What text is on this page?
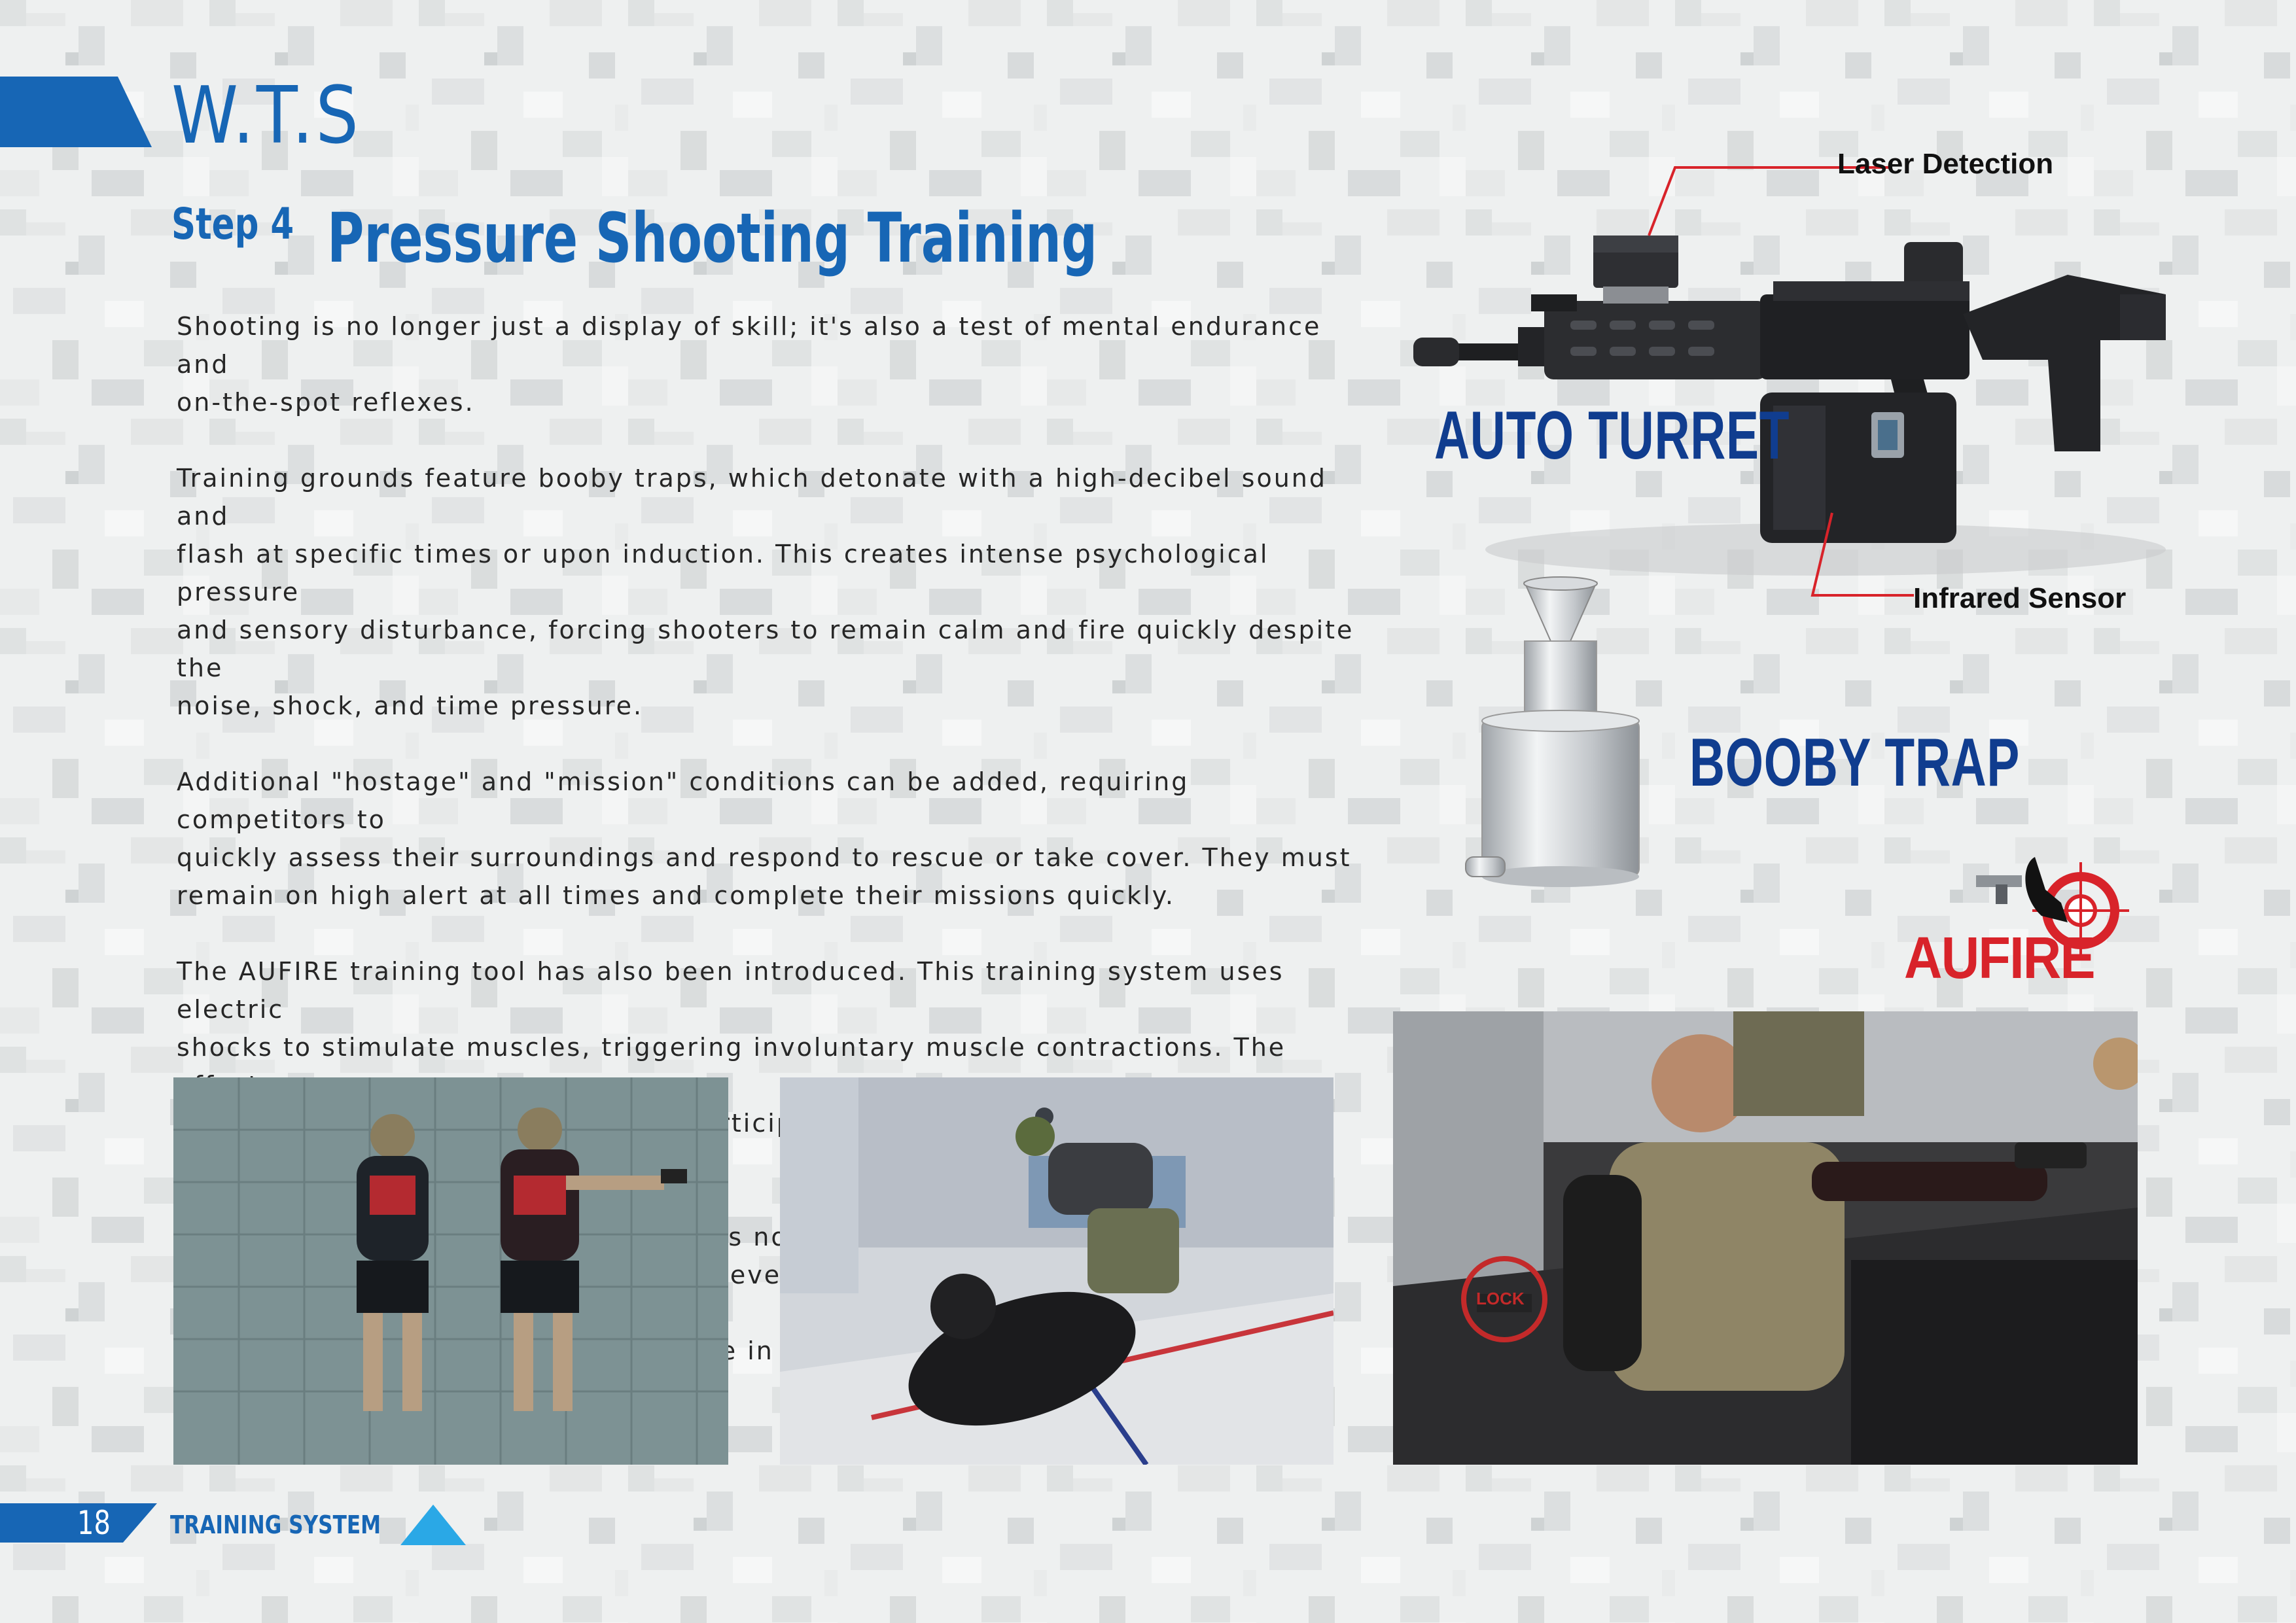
W.T.S
Step 4 Pressure Shooting Training

Shooting is no longer just a display of skill; it's also a test of mental endurance and
on-the-spot reflexes.

Training grounds feature booby traps, which detonate with a high-decibel sound and
flash at specific times or upon induction. This creates intense psychological pressure
and sensory disturbance, forcing shooters to remain calm and fire quickly despite the
noise, shock, and time pressure.

Additional "hostage" and "mission" conditions can be added, requiring competitors to
quickly assess their surroundings and respond to rescue or take cover. They must
remain on high alert at all times and complete their missions quickly.

The AUFIRE training tool has also been introduced. This training system uses electric
shocks to stimulate muscles, triggering involuntary muscle contractions. The
participants

not
develop
in

Laser Detection
Infrared Sensor
AUTO TURRET
BOOBY TRAP
AUFIRE
LOCK
18 TRAINING SYSTEM
